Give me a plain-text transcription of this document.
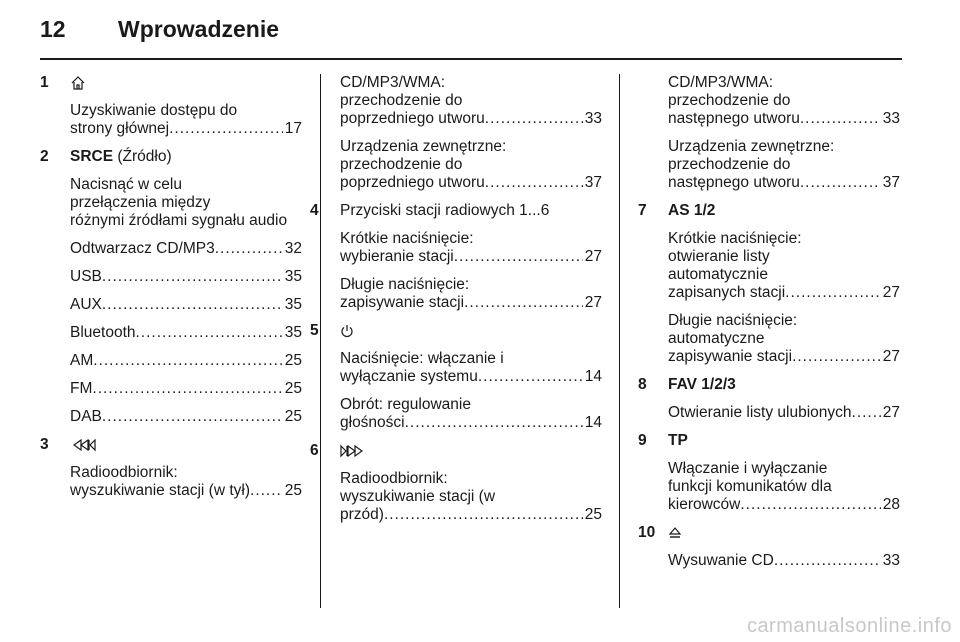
12 Wprowadzenie
1
Uzyskiwanie dostępu do
strony głównej .....	17
2 SRCE (Źródło)
Nacisnąć w celu
przełączenia między
różnymi źródłami sygnału audio
Odtwarzacz CD/MP3 .....	32
USB .....	35
AUX .....	35
Bluetooth .....	35
AM .....	25
FM .....	25
DAB .....	25
3
Radioodbiornik:
wyszukiwanie stacji (w tył) ..... 25
CD/MP3/WMA:
przechodzenie do
poprzedniego utworu .....	33
Urządzenia zewnętrzne:
przechodzenie do
poprzedniego utworu .....	37
4 Przyciski stacji radiowych 1...6
Krótkie naciśnięcie:
wybieranie stacji .....	27
Długie naciśnięcie:
zapisywanie stacji .....	27
5
Naciśnięcie: włączanie i
wyłączanie systemu .....	14
Obrót: regulowanie
głośności .....	14
6
Radioodbiornik:
wyszukiwanie stacji (w
przód) .....	25
CD/MP3/WMA:
przechodzenie do
następnego utworu .....	33
Urządzenia zewnętrzne:
przechodzenie do
następnego utworu .....	37
7 AS 1/2
Krótkie naciśnięcie:
otwieranie listy
automatycznie
zapisanych stacji .....	27
Długie naciśnięcie:
automatyczne
zapisywanie stacji .....	27
8 FAV 1/2/3
Otwieranie listy ulubionych ..... 27
9 TP
Włączanie i wyłączanie
funkcji komunikatów dla
kierowców .....	28
10
Wysuwanie CD .....	33
carmanualsonline.info
